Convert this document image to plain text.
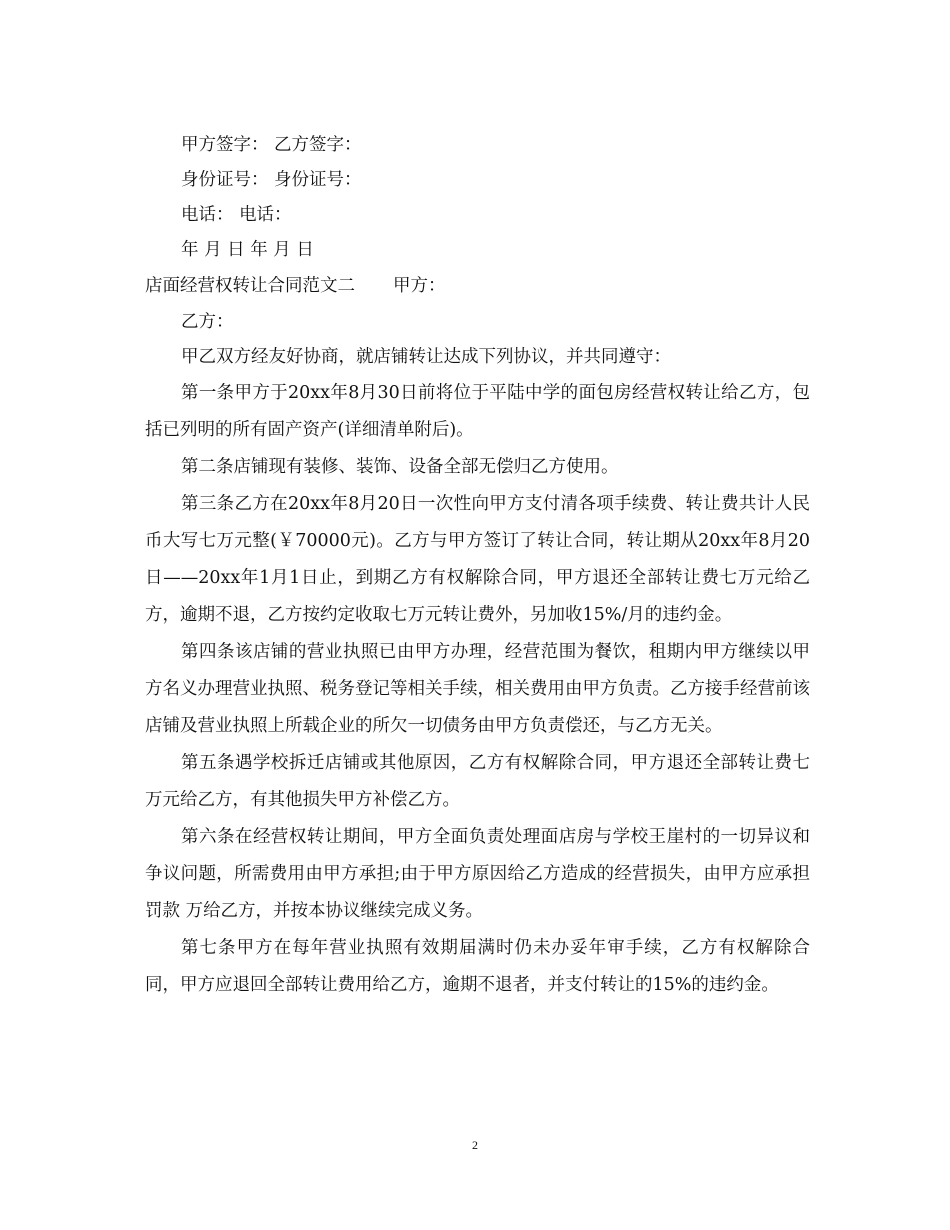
甲方签字： 乙方签字：
身份证号： 身份证号：
电话： 电话：
年 月 日 年 月 日
店面经营权转让合同范文二 甲方：
乙方：
甲乙双方经友好协商，就店铺转让达成下列协议，并共同遵守：
第一条甲方于20xx年8月30日前将位于平陆中学的面包房经营权转让给乙方，包括已列明的所有固产资产(详细清单附后)。
第二条店铺现有装修、装饰、设备全部无偿归乙方使用。
第三条乙方在20xx年8月20日一次性向甲方支付清各项手续费、转让费共计人民币大写七万元整(￥70000元)。乙方与甲方签订了转让合同，转让期从20xx年8月20日——20xx年1月1日止，到期乙方有权解除合同，甲方退还全部转让费七万元给乙方，逾期不退，乙方按约定收取七万元转让费外，另加收15%/月的违约金。
第四条该店铺的营业执照已由甲方办理，经营范围为餐饮，租期内甲方继续以甲方名义办理营业执照、税务登记等相关手续，相关费用由甲方负责。乙方接手经营前该店铺及营业执照上所载企业的所欠一切债务由甲方负责偿还，与乙方无关。
第五条遇学校拆迁店铺或其他原因，乙方有权解除合同，甲方退还全部转让费七万元给乙方，有其他损失甲方补偿乙方。
第六条在经营权转让期间，甲方全面负责处理面店房与学校王崖村的一切异议和争议问题，所需费用由甲方承担;由于甲方原因给乙方造成的经营损失，由甲方应承担罚款 万给乙方，并按本协议继续完成义务。
第七条甲方在每年营业执照有效期届满时仍未办妥年审手续，乙方有权解除合同，甲方应退回全部转让费用给乙方，逾期不退者，并支付转让的15%的违约金。
2
